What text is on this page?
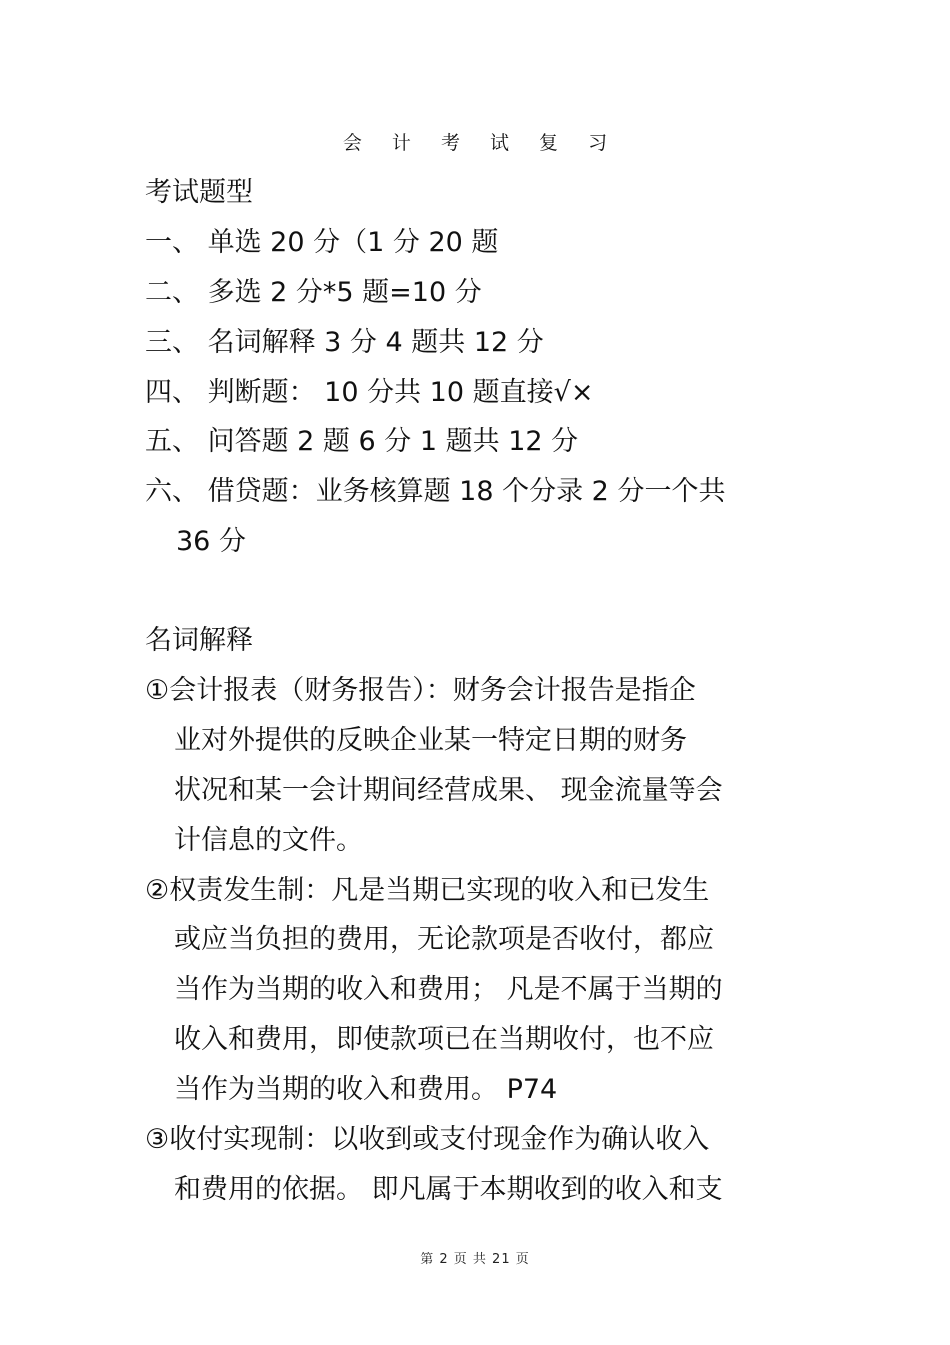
会 计 考 试 复 习
考试题型
一、 单选 20 分（1 分 20 题
二、 多选 2 分*5 题=10 分
三、 名词解释 3 分 4 题共 12 分
四、 判断题： 10 分共 10 题直接√×
五、 问答题 2 题 6 分 1 题共 12 分
六、 借贷题：业务核算题 18 个分录 2 分一个共
36 分
名词解释
①会计报表（财务报告）：财务会计报告是指企
业对外提供的反映企业某一特定日期的财务
状况和某一会计期间经营成果、 现金流量等会
计信息的文件。
②权责发生制：凡是当期已实现的收入和已发生
或应当负担的费用，无论款项是否收付，都应
当作为当期的收入和费用； 凡是不属于当期的
收入和费用，即使款项已在当期收付，也不应
当作为当期的收入和费用。 P74
③收付实现制：以收到或支付现金作为确认收入
和费用的依据。 即凡属于本期收到的收入和支
第 2 页 共 21 页
